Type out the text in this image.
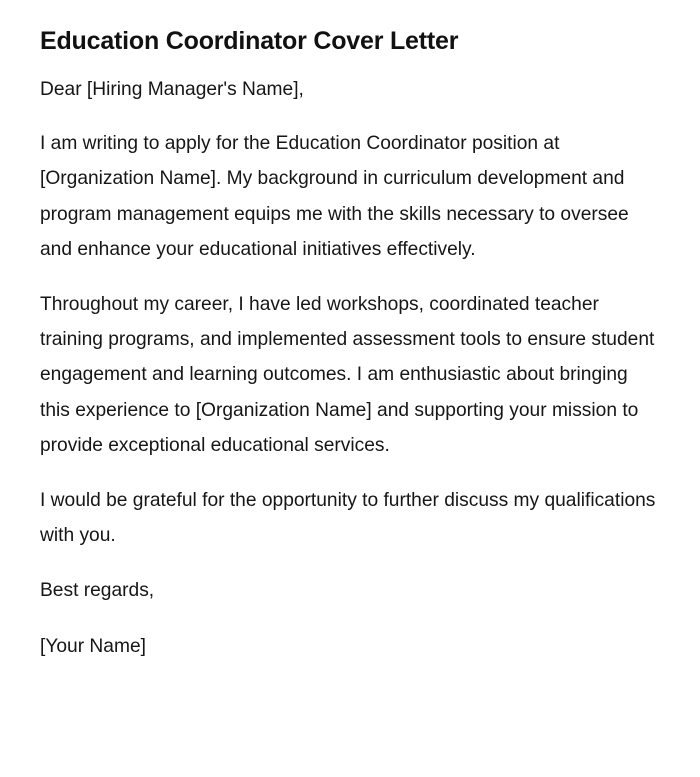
Education Coordinator Cover Letter

Dear [Hiring Manager's Name],

I am writing to apply for the Education Coordinator position at [Organization Name]. My background in curriculum development and program management equips me with the skills necessary to oversee and enhance your educational initiatives effectively.

Throughout my career, I have led workshops, coordinated teacher training programs, and implemented assessment tools to ensure student engagement and learning outcomes. I am enthusiastic about bringing this experience to [Organization Name] and supporting your mission to provide exceptional educational services.

I would be grateful for the opportunity to further discuss my qualifications with you.

Best regards,

[Your Name]
